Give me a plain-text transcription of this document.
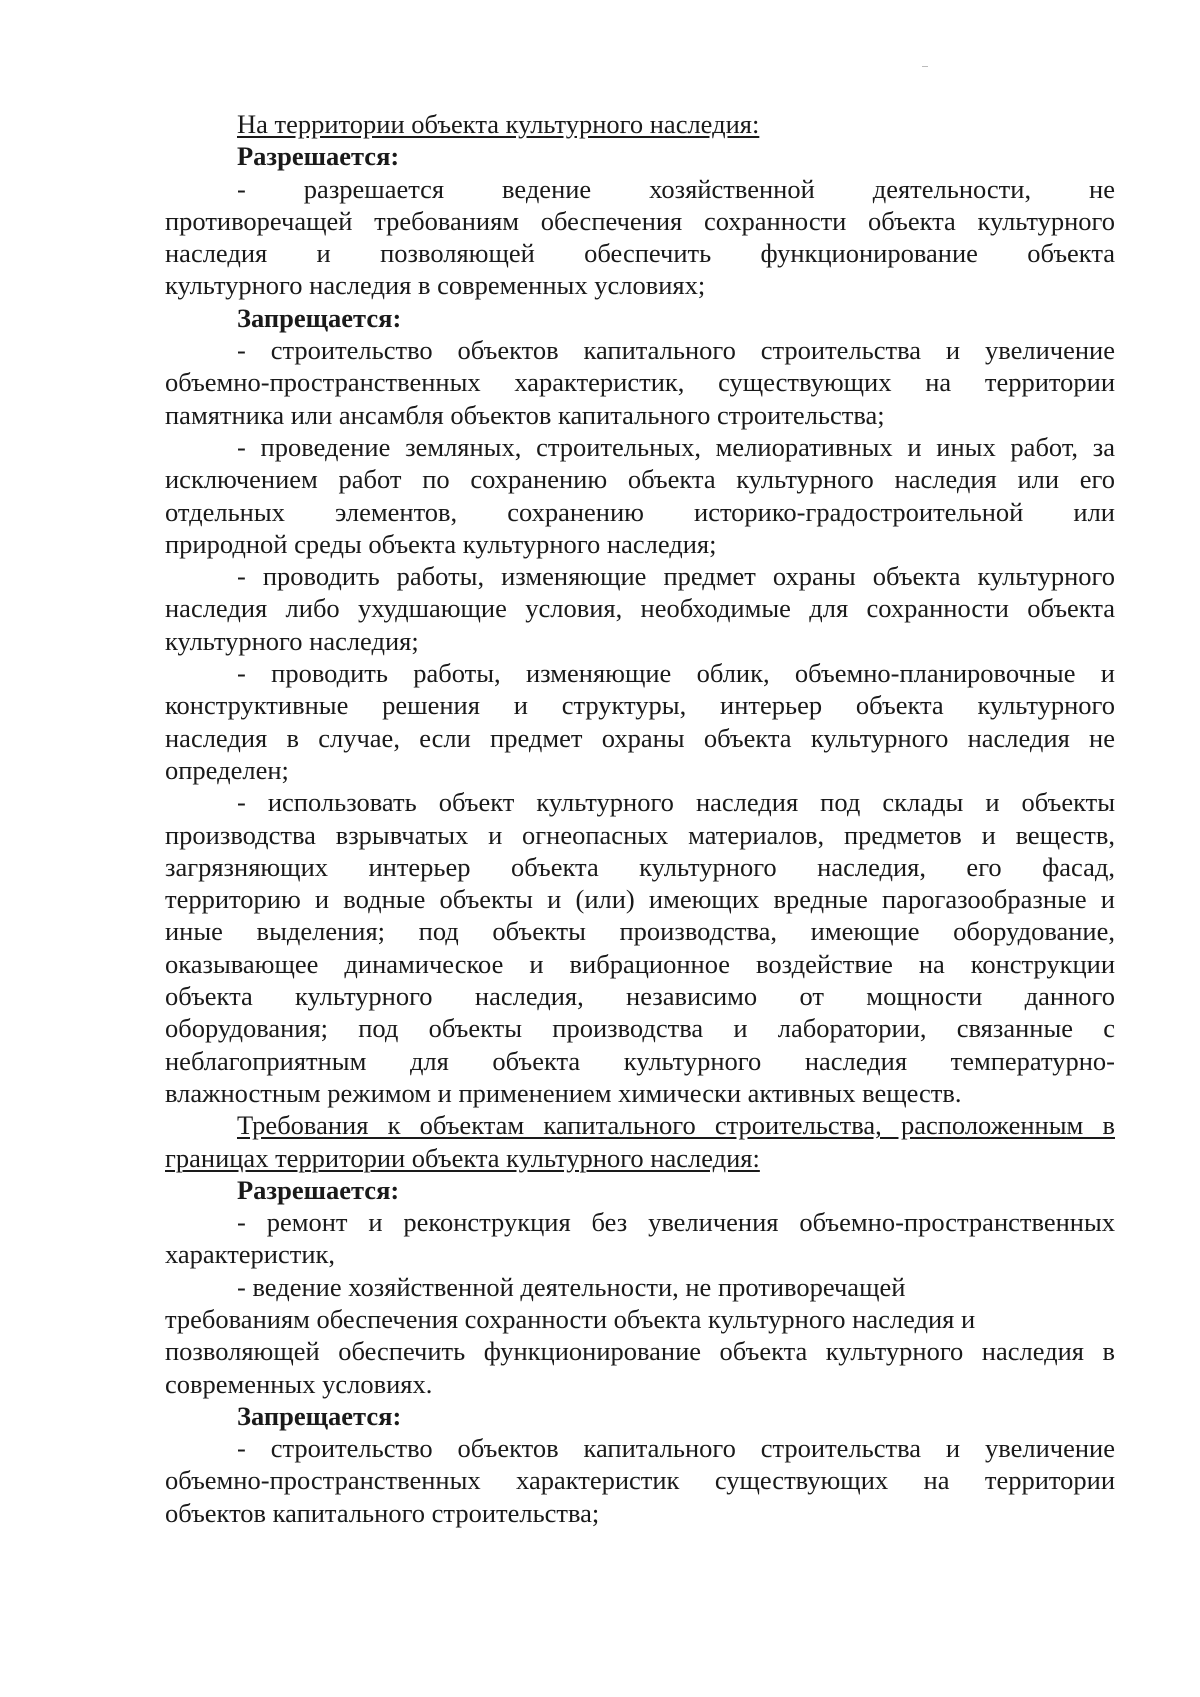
На территории объекта культурного наследия:
Разрешается:
-      разрешается      ведение      хозяйственной      деятельности,      не
противоречащей требованиям обеспечения сохранности объекта культурного
наследия     и     позволяющей     обеспечить     функционирование     объекта
культурного наследия в современных условиях;
Запрещается:
- строительство объектов капитального строительства и увеличение
объемно-пространственных характеристик, существующих на территории
памятника или ансамбля объектов капитального строительства;
- проведение земляных, строительных, мелиоративных и иных работ, за
исключением работ по сохранению объекта культурного наследия или его
отдельных элементов, сохранению историко-градостроительной или
природной среды объекта культурного наследия;
- проводить работы, изменяющие предмет охраны объекта культурного
наследия либо ухудшающие условия, необходимые для сохранности объекта
культурного наследия;
- проводить работы, изменяющие облик, объемно-планировочные и
конструктивные решения и структуры, интерьер объекта культурного
наследия в случае, если предмет охраны объекта культурного наследия не
определен;
- использовать объект культурного наследия под склады и объекты
производства взрывчатых и огнеопасных материалов, предметов и веществ,
загрязняющих интерьер объекта культурного наследия, его фасад,
территорию и водные объекты и (или) имеющих вредные парогазообразные и
иные выделения; под объекты производства, имеющие оборудование,
оказывающее динамическое и вибрационное воздействие на конструкции
объекта культурного наследия, независимо от мощности данного
оборудования; под объекты производства и лаборатории, связанные с
неблагоприятным для объекта культурного наследия температурно-
влажностным режимом и применением химически активных веществ.
Требования к объектам капитального строительства, расположенным в
границах территории объекта культурного наследия:
Разрешается:
- ремонт и реконструкция без увеличения объемно-пространственных
характеристик,
- ведение хозяйственной деятельности, не противоречащей
требованиям обеспечения сохранности объекта культурного наследия и
позволяющей обеспечить функционирование объекта культурного наследия в
современных условиях.
Запрещается:
- строительство объектов капитального строительства и увеличение
объемно-пространственных характеристик существующих на территории
объектов капитального строительства;
